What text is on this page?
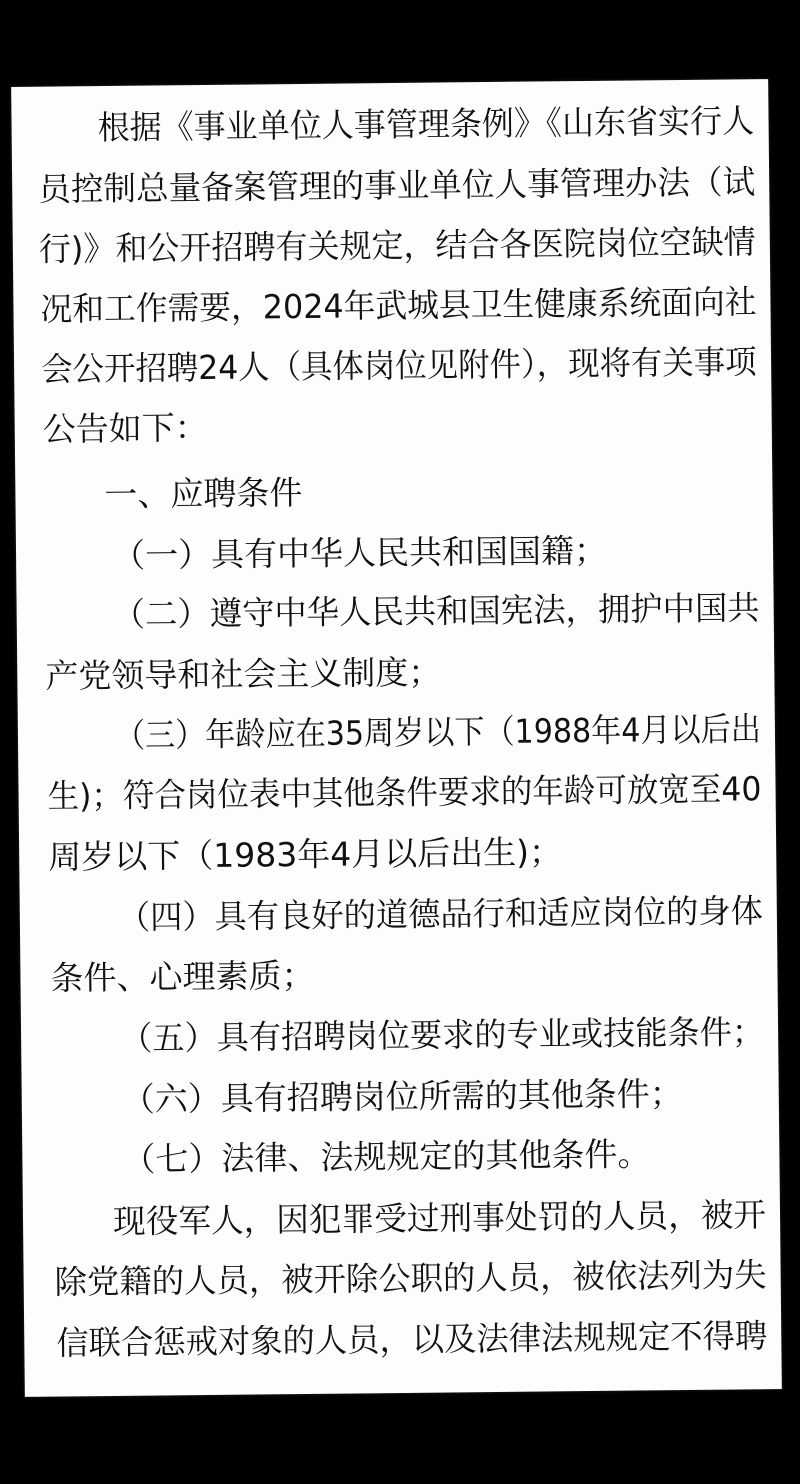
根据《事业单位人事管理条例》《山东省实行人
员控制总量备案管理的事业单位人事管理办法（试
行)》和公开招聘有关规定，结合各医院岗位空缺情
况和工作需要，2024年武城县卫生健康系统面向社
会公开招聘24人（具体岗位见附件），现将有关事项
公告如下：
一、应聘条件
（一）具有中华人民共和国国籍；
（二）遵守中华人民共和国宪法，拥护中国共
产党领导和社会主义制度；
（三）年龄应在35周岁以下（1988年4月以后出
生)；符合岗位表中其他条件要求的年龄可放宽至40
周岁以下（1983年4月以后出生)；
（四）具有良好的道德品行和适应岗位的身体
条件、心理素质；
（五）具有招聘岗位要求的专业或技能条件；
（六）具有招聘岗位所需的其他条件；
（七）法律、法规规定的其他条件。
现役军人，因犯罪受过刑事处罚的人员，被开
除党籍的人员，被开除公职的人员，被依法列为失
信联合惩戒对象的人员，以及法律法规规定不得聘
